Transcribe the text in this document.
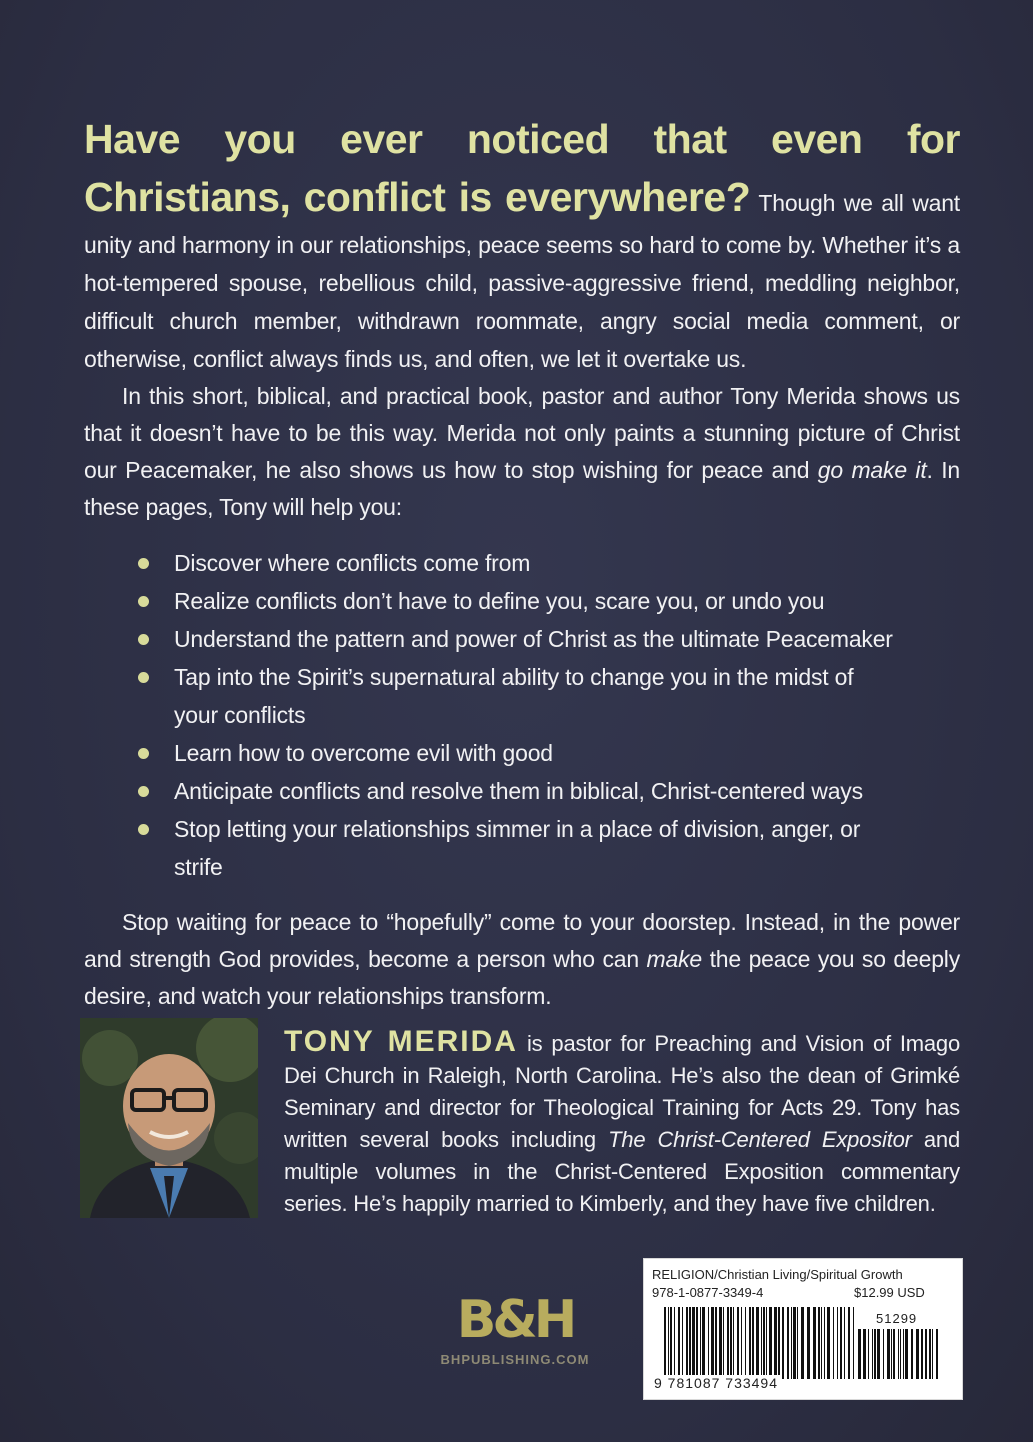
Have you ever noticed that even for Christians, conflict is everywhere? Though we all want unity and harmony in our relationships, peace seems so hard to come by. Whether it’s a hot-tempered spouse, rebellious child, passive-aggressive friend, meddling neighbor, difficult church member, withdrawn roommate, angry social media comment, or otherwise, conflict always finds us, and often, we let it overtake us.

In this short, biblical, and practical book, pastor and author Tony Merida shows us that it doesn’t have to be this way. Merida not only paints a stunning picture of Christ our Peacemaker, he also shows us how to stop wishing for peace and go make it. In these pages, Tony will help you:

Discover where conflicts come from
Realize conflicts don’t have to define you, scare you, or undo you
Understand the pattern and power of Christ as the ultimate Peacemaker
Tap into the Spirit’s supernatural ability to change you in the midst of your conflicts
Learn how to overcome evil with good
Anticipate conflicts and resolve them in biblical, Christ-centered ways
Stop letting your relationships simmer in a place of division, anger, or strife

Stop waiting for peace to “hopefully” come to your doorstep. Instead, in the power and strength God provides, become a person who can make the peace you so deeply desire, and watch your relationships transform.

TONY MERIDA is pastor for Preaching and Vision of Imago Dei Church in Raleigh, North Carolina. He’s also the dean of Grimké Seminary and director for Theological Training for Acts 29. Tony has written several books including The Christ-Centered Expositor and multiple volumes in the Christ-Centered Exposition commentary series. He’s happily married to Kimberly, and they have five children.

B&H
BHPUBLISHING.COM
RELIGION/Christian Living/Spiritual Growth
978-1-0877-3349-4	$12.99 USD
51299
9 781087 733494
